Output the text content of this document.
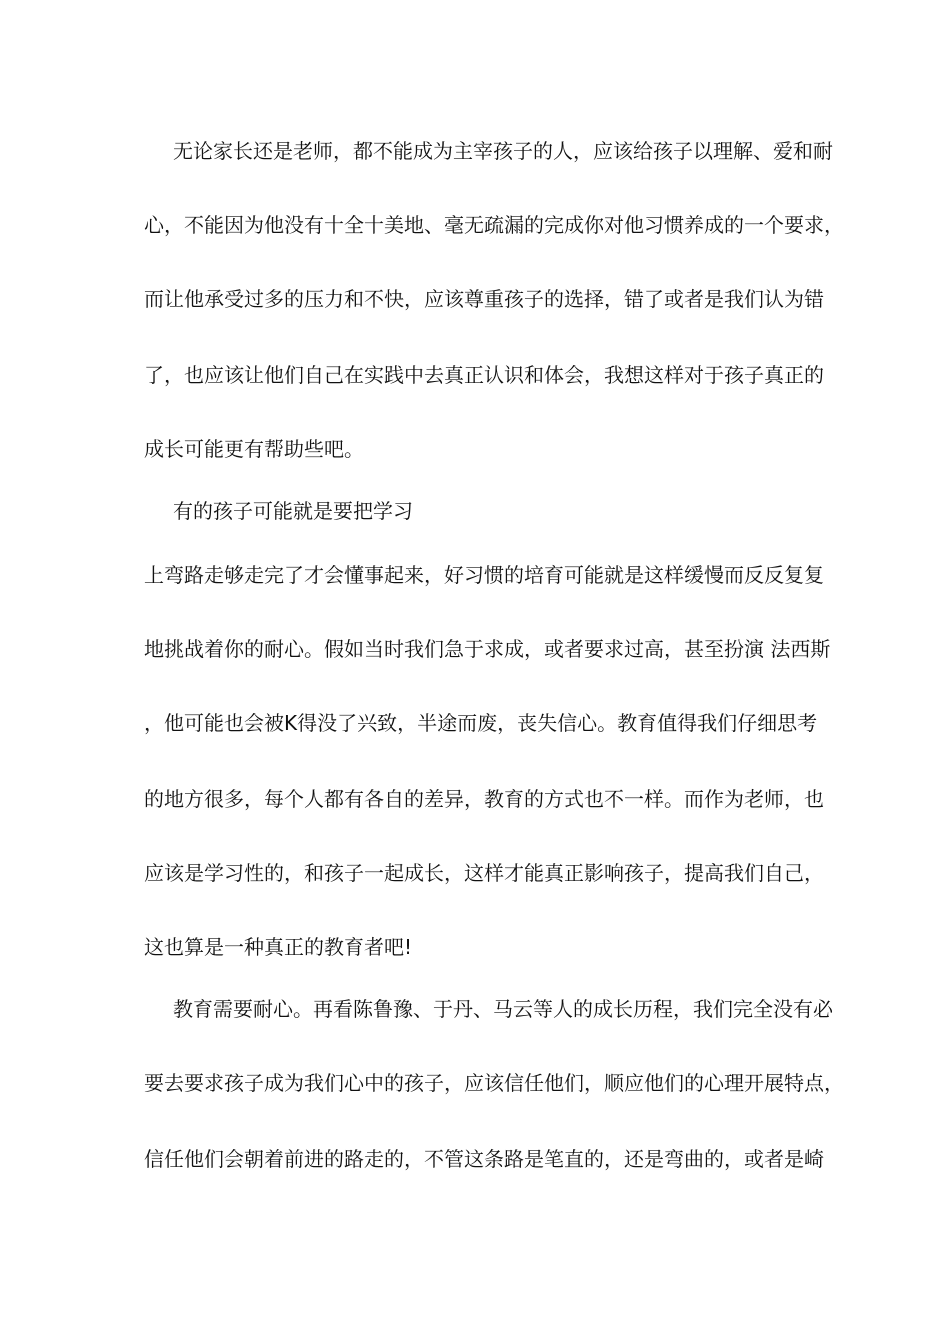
无论家长还是老师，都不能成为主宰孩子的人，应该给孩子以理解、爱和耐
心，不能因为他没有十全十美地、毫无疏漏的完成你对他习惯养成的一个要求，
而让他承受过多的压力和不快，应该尊重孩子的选择，错了或者是我们认为错
了，也应该让他们自己在实践中去真正认识和体会，我想这样对于孩子真正的
成长可能更有帮助些吧。
有的孩子可能就是要把学习
上弯路走够走完了才会懂事起来，好习惯的培育可能就是这样缓慢而反反复复
地挑战着你的耐心。假如当时我们急于求成，或者要求过高，甚至扮演 法西斯
，他可能也会被K得没了兴致，半途而废，丧失信心。教育值得我们仔细思考
的地方很多，每个人都有各自的差异，教育的方式也不一样。而作为老师，也
应该是学习性的，和孩子一起成长，这样才能真正影响孩子，提高我们自己，
这也算是一种真正的教育者吧!
教育需要耐心。再看陈鲁豫、于丹、马云等人的成长历程，我们完全没有必
要去要求孩子成为我们心中的孩子，应该信任他们，顺应他们的心理开展特点，
信任他们会朝着前进的路走的，不管这条路是笔直的，还是弯曲的，或者是崎
